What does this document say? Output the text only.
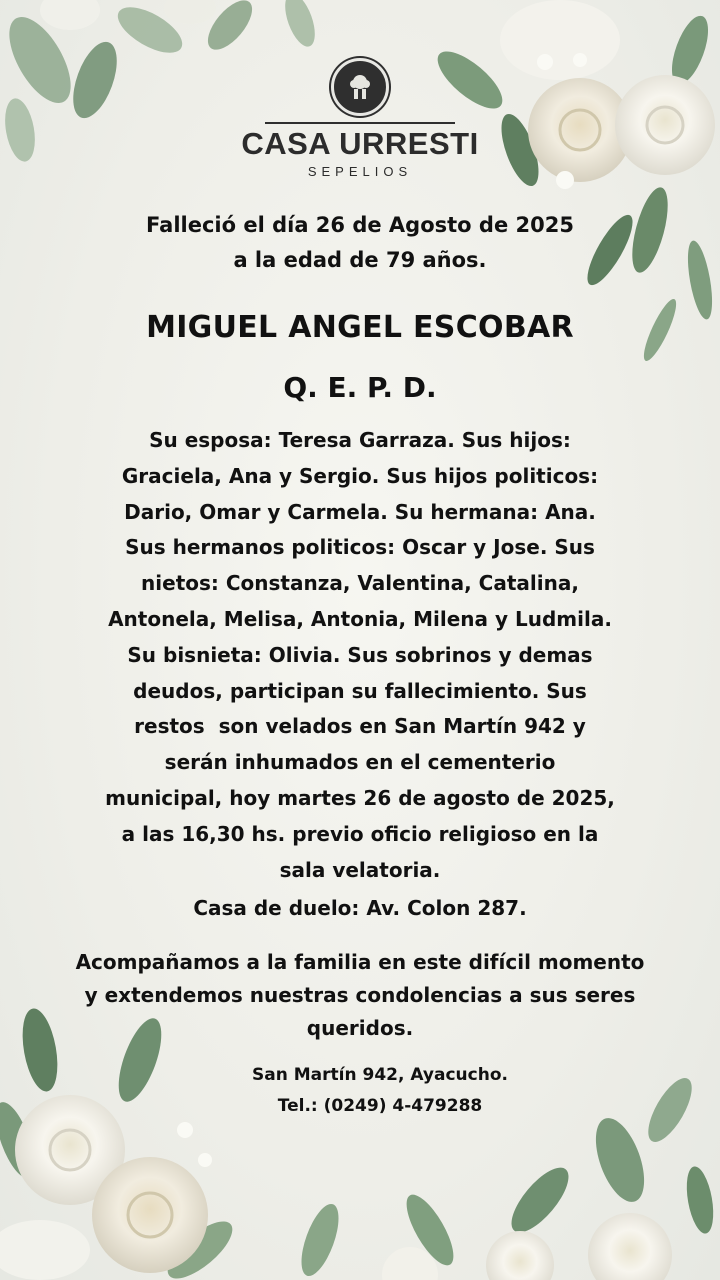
CASA URRESTI
SEPELIOS
Falleció el día 26 de Agosto de 2025
a la edad de 79 años.
MIGUEL ANGEL ESCOBAR
Q. E. P. D.
Su esposa: Teresa Garraza. Sus hijos:
Graciela, Ana y Sergio. Sus hijos politicos:
Dario, Omar y Carmela. Su hermana: Ana.
Sus hermanos politicos: Oscar y Jose. Sus
nietos: Constanza, Valentina, Catalina,
Antonela, Melisa, Antonia, Milena y Ludmila.
Su bisnieta: Olivia. Sus sobrinos y demas
deudos, participan su fallecimiento. Sus
restos  son velados en San Martín 942 y
serán inhumados en el cementerio
municipal, hoy martes 26 de agosto de 2025,
a las 16,30 hs. previo oficio religioso en la
sala velatoria.
Casa de duelo: Av. Colon 287.
Acompañamos a la familia en este difícil momento
y extendemos nuestras condolencias a sus seres
queridos.
San Martín 942, Ayacucho.
Tel.: (0249) 4-479288
